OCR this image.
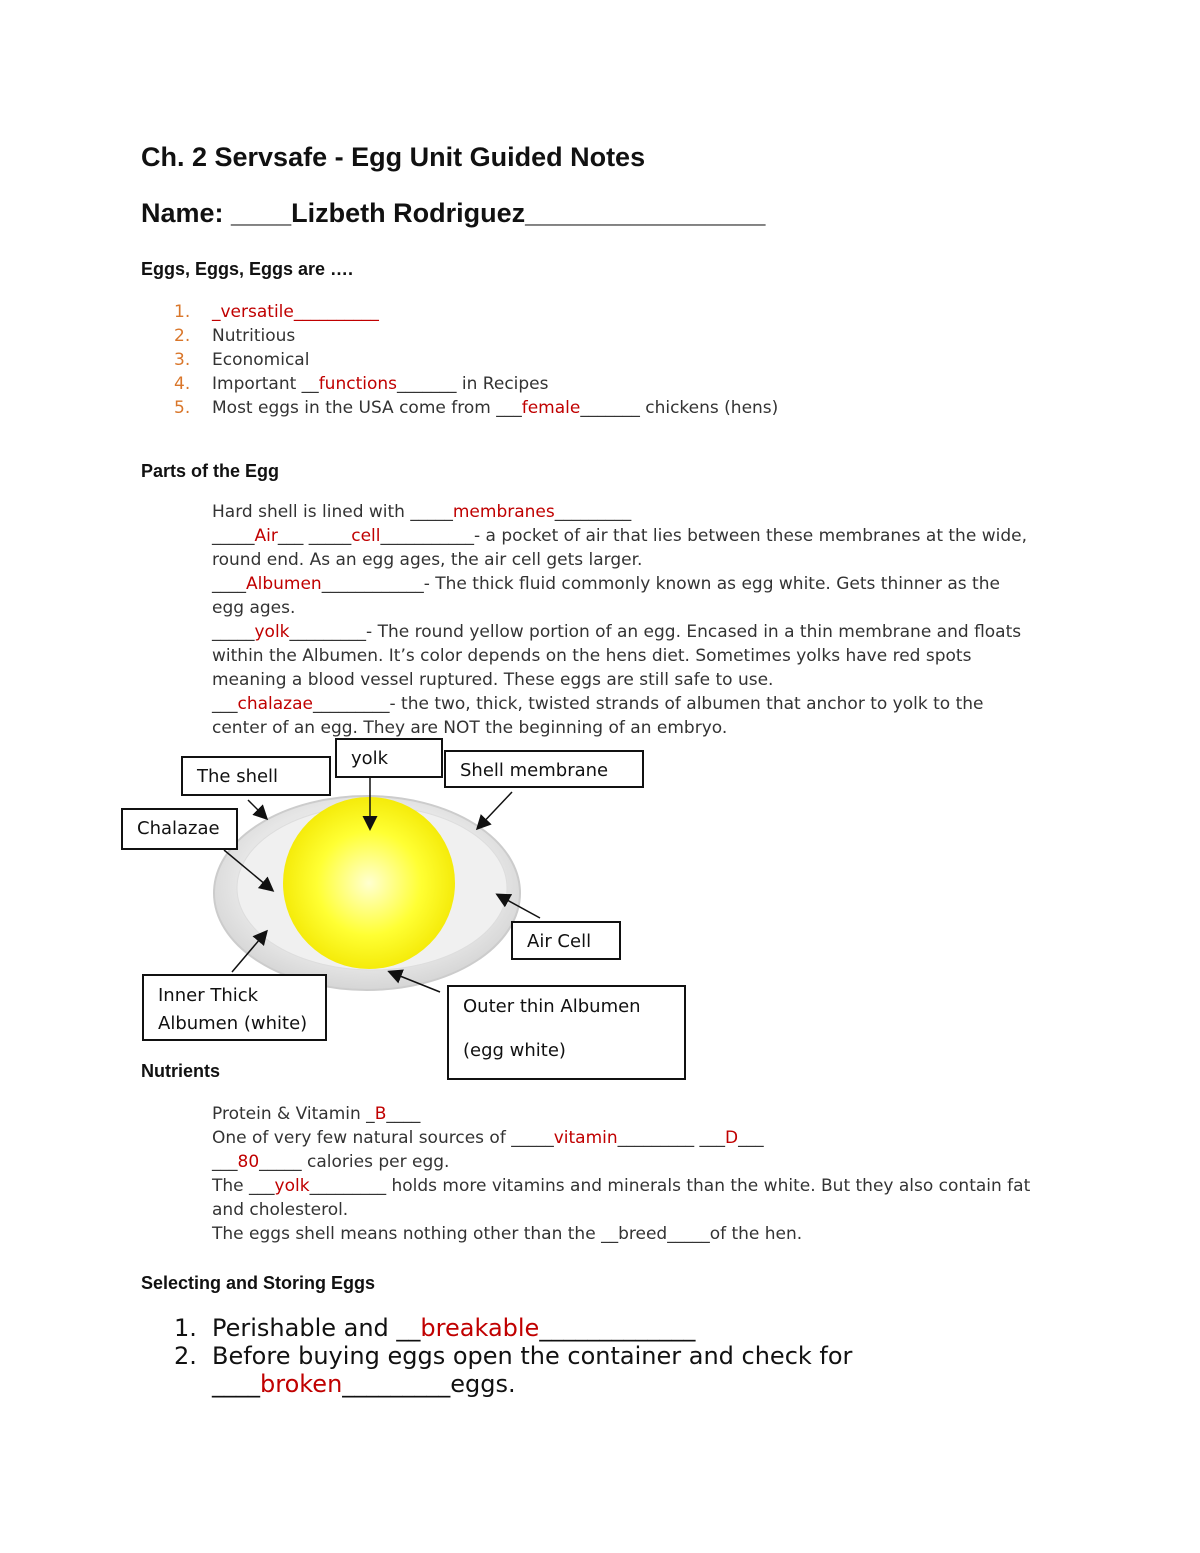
Ch. 2 Servsafe - Egg Unit Guided Notes
Name: ____Lizbeth Rodriguez________________
Eggs, Eggs, Eggs are ….
1. _versatile__________
2. Nutritious
3. Economical
4. Important __functions_______ in Recipes
5. Most eggs in the USA come from ___female_______ chickens (hens)
Parts of the Egg
Hard shell is lined with _____membranes_________
_____Air___ _____cell___________- a pocket of air that lies between these membranes at the wide, round end. As an egg ages, the air cell gets larger.
____Albumen____________- The thick fluid commonly known as egg white. Gets thinner as the egg ages.
_____yolk_________- The round yellow portion of an egg. Encased in a thin membrane and floats within the Albumen. It’s color depends on the hens diet. Sometimes yolks have red spots meaning a blood vessel ruptured. These eggs are still safe to use.
___chalazae_________- the two, thick, twisted strands of albumen that anchor to yolk to the center of an egg. They are NOT the beginning of an embryo.
The shell
yolk
Shell membrane
Chalazae
Air Cell
Inner Thick
Albumen (white)
Outer thin Albumen
(egg white)
Nutrients
Protein & Vitamin _B____
One of very few natural sources of _____vitamin_________ ___D___
___80_____ calories per egg.
The ___yolk_________ holds more vitamins and minerals than the white. But they also contain fat and cholesterol.
The eggs shell means nothing other than the __breed_____of the hen.
Selecting and Storing Eggs
1. Perishable and __breakable_____________
2. Before buying eggs open the container and check for ____broken_________eggs.
